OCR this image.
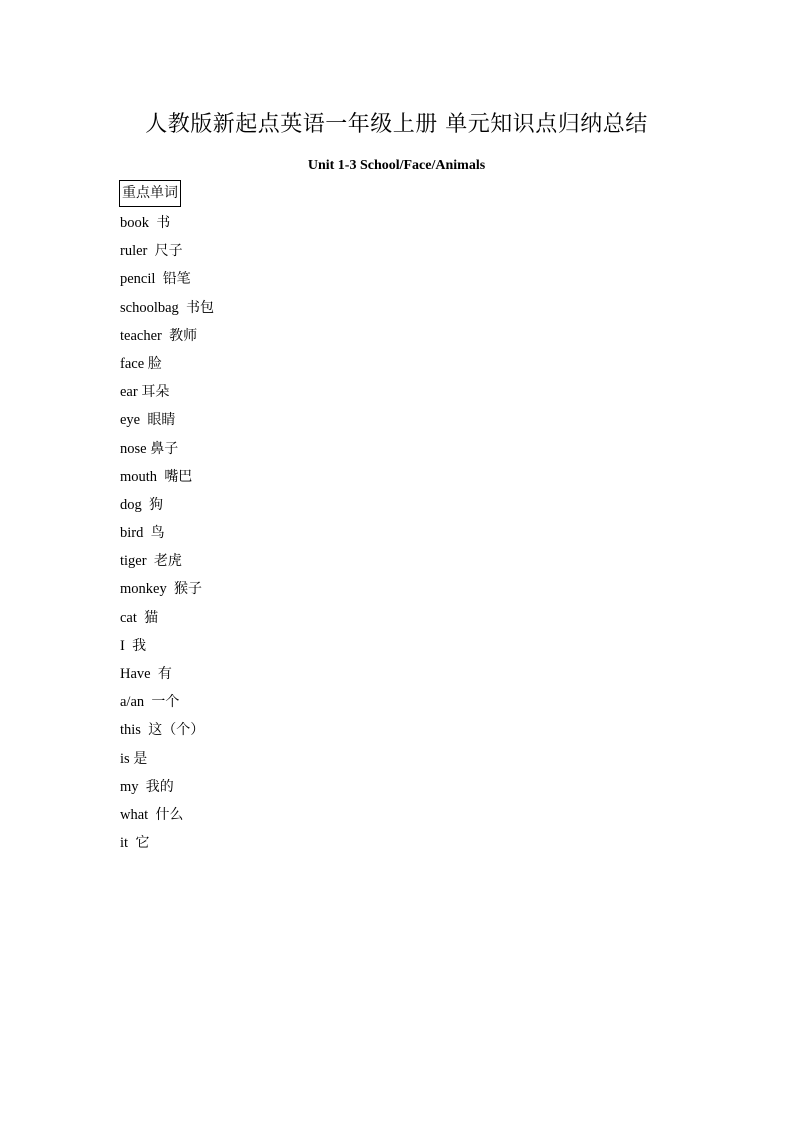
人教版新起点英语一年级上册 单元知识点归纳总结
Unit 1-3 School/Face/Animals
重点单词
book 书
ruler 尺子
pencil 铅笔
schoolbag 书包
teacher 教师
face 脸
ear 耳朵
eye 眼睛
nose 鼻子
mouth 嘴巴
dog 狗
bird 鸟
tiger 老虎
monkey 猴子
cat 猫
I 我
Have 有
a/an 一个
this 这（个）
is 是
my 我的
what 什么
it 它
